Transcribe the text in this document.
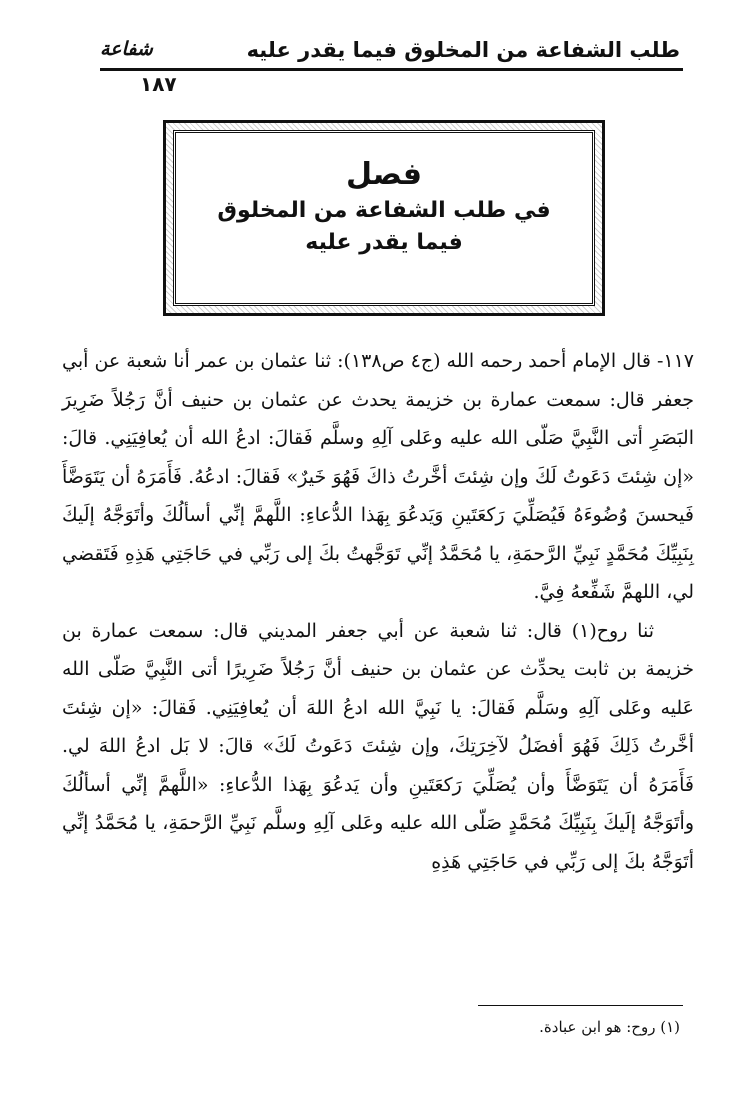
طلب الشفاعة من المخلوق فيما يقدر عليه
شفاعة
١٨٧
فصل
في طلب الشفاعة من المخلوق
فيما يقدر عليه

١١٧- قال الإمام أحمد رحمه الله (ج٤ ص١٣٨): ثنا عثمان بن عمر أنا شعبة عن أبي جعفر قال: سمعت عمارة بن خزيمة يحدث عن عثمان بن حنيف أنَّ رَجُلاً ضَرِيرَ البَصَرِ أتى النَّبِيَّ صَلّى الله عليه وعَلى آلِهِ وسلَّم فَقالَ: ادعُ الله أن يُعافِيَنِي. قالَ: «إن شِئتَ دَعَوتُ لَكَ وإن شِئتَ أخَّرتُ ذاكَ فَهُوَ خَيرٌ» فَقالَ: ادعُهُ. فَأَمَرَهُ أن يَتَوَضَّأَ فَيحسنَ وُضُوءَهُ فَيُصَلِّيَ رَكعَتَينِ وَيَدعُوَ بِهَذا الدُّعاءِ: اللَّهمَّ إنِّي أسألُكَ وأتَوَجَّهُ إلَيكَ بِنَبِيِّكَ مُحَمَّدٍ نَبِيِّ الرَّحمَةِ، يا مُحَمَّدُ إنِّي تَوَجَّهتُ بكَ إلى رَبِّي في حَاجَتِي هَذِهِ فَتَقضي لي، اللهمَّ شَفِّعهُ فِيَّ.

ثنا روح(١) قال: ثنا شعبة عن أبي جعفر المديني قال: سمعت عمارة بن خزيمة بن ثابت يحدِّث عن عثمان بن حنيف أنَّ رَجُلاً ضَرِيرًا أتى النَّبِيَّ صَلّى الله عَليه وعَلى آلِهِ وسَلَّم فَقالَ: يا نَبِيَّ الله ادعُ اللهَ أن يُعافِيَنِي. فَقالَ: «إن شِئتَ أخَّرتُ ذَلِكَ فَهُوَ أفضَلُ لآخِرَتِكَ، وإن شِئتَ دَعَوتُ لَكَ» قالَ: لا بَل ادعُ اللهَ لي. فَأَمَرَهُ أن يَتَوَضَّأَ وأن يُصَلِّيَ رَكعَتَينِ وأن يَدعُوَ بِهَذا الدُّعاءِ: «اللَّهمَّ إنِّي أسألُكَ وأتَوَجَّهُ إلَيكَ بِنَبِيِّكَ مُحَمَّدٍ صَلّى الله عليه وعَلى آلِهِ وسلَّم نَبِيِّ الرَّحمَةِ، يا مُحَمَّدُ إنِّي أتَوَجَّهُ بكَ إلى رَبِّي في حَاجَتِي هَذِهِ

(١) روح: هو ابن عبادة.
